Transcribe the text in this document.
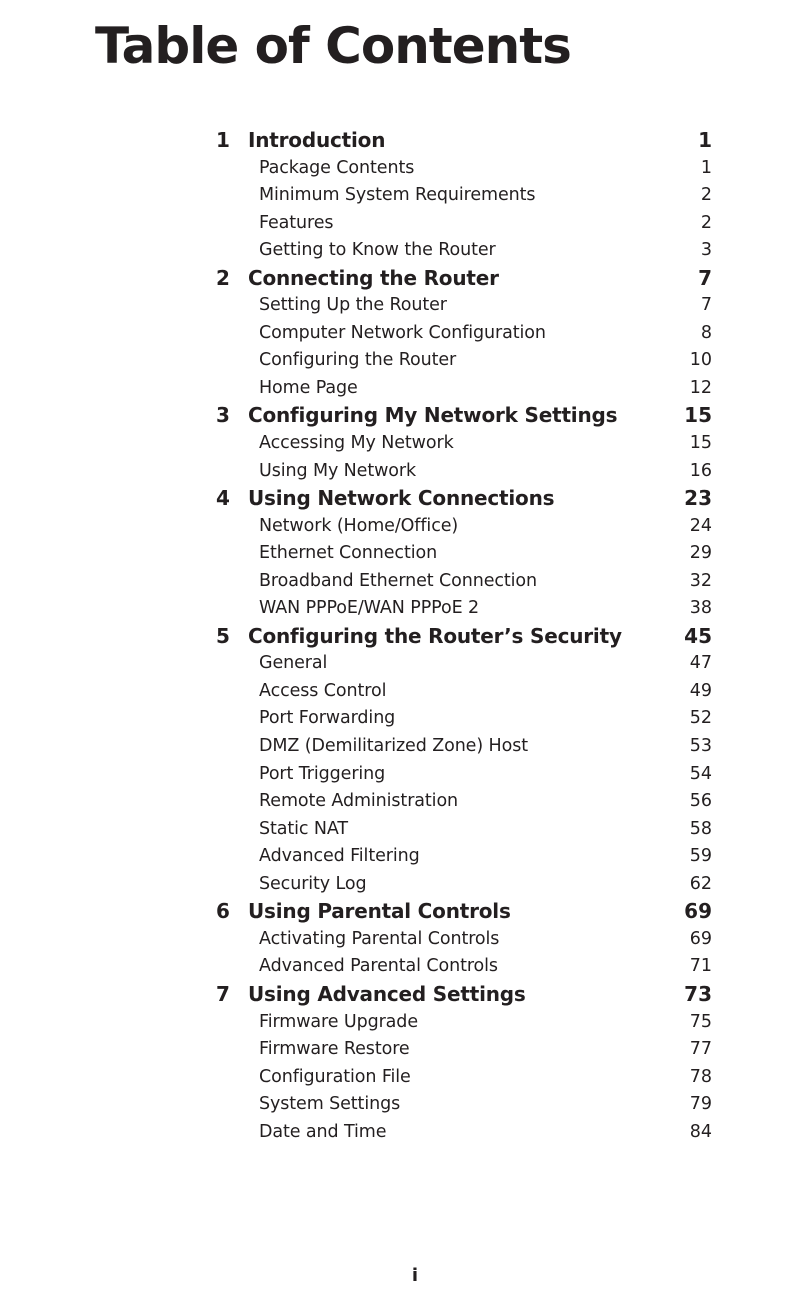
Table of Contents
1 Introduction	1
Package Contents	1
Minimum System Requirements	2
Features	2
Getting to Know the Router	3
2 Connecting the Router	7
Setting Up the Router	7
Computer Network Configuration	8
Configuring the Router	10
Home Page	12
3 Configuring My Network Settings	15
Accessing My Network	15
Using My Network	16
4 Using Network Connections	23
Network (Home/Office)	24
Ethernet Connection	29
Broadband Ethernet Connection	32
WAN PPPoE/WAN PPPoE 2	38
5 Configuring the Router’s Security	45
General	47
Access Control	49
Port Forwarding	52
DMZ (Demilitarized Zone) Host	53
Port Triggering	54
Remote Administration	56
Static NAT	58
Advanced Filtering	59
Security Log	62
6 Using Parental Controls	69
Activating Parental Controls	69
Advanced Parental Controls	71
7 Using Advanced Settings	73
Firmware Upgrade	75
Firmware Restore	77
Configuration File	78
System Settings	79
Date and Time	84
i
